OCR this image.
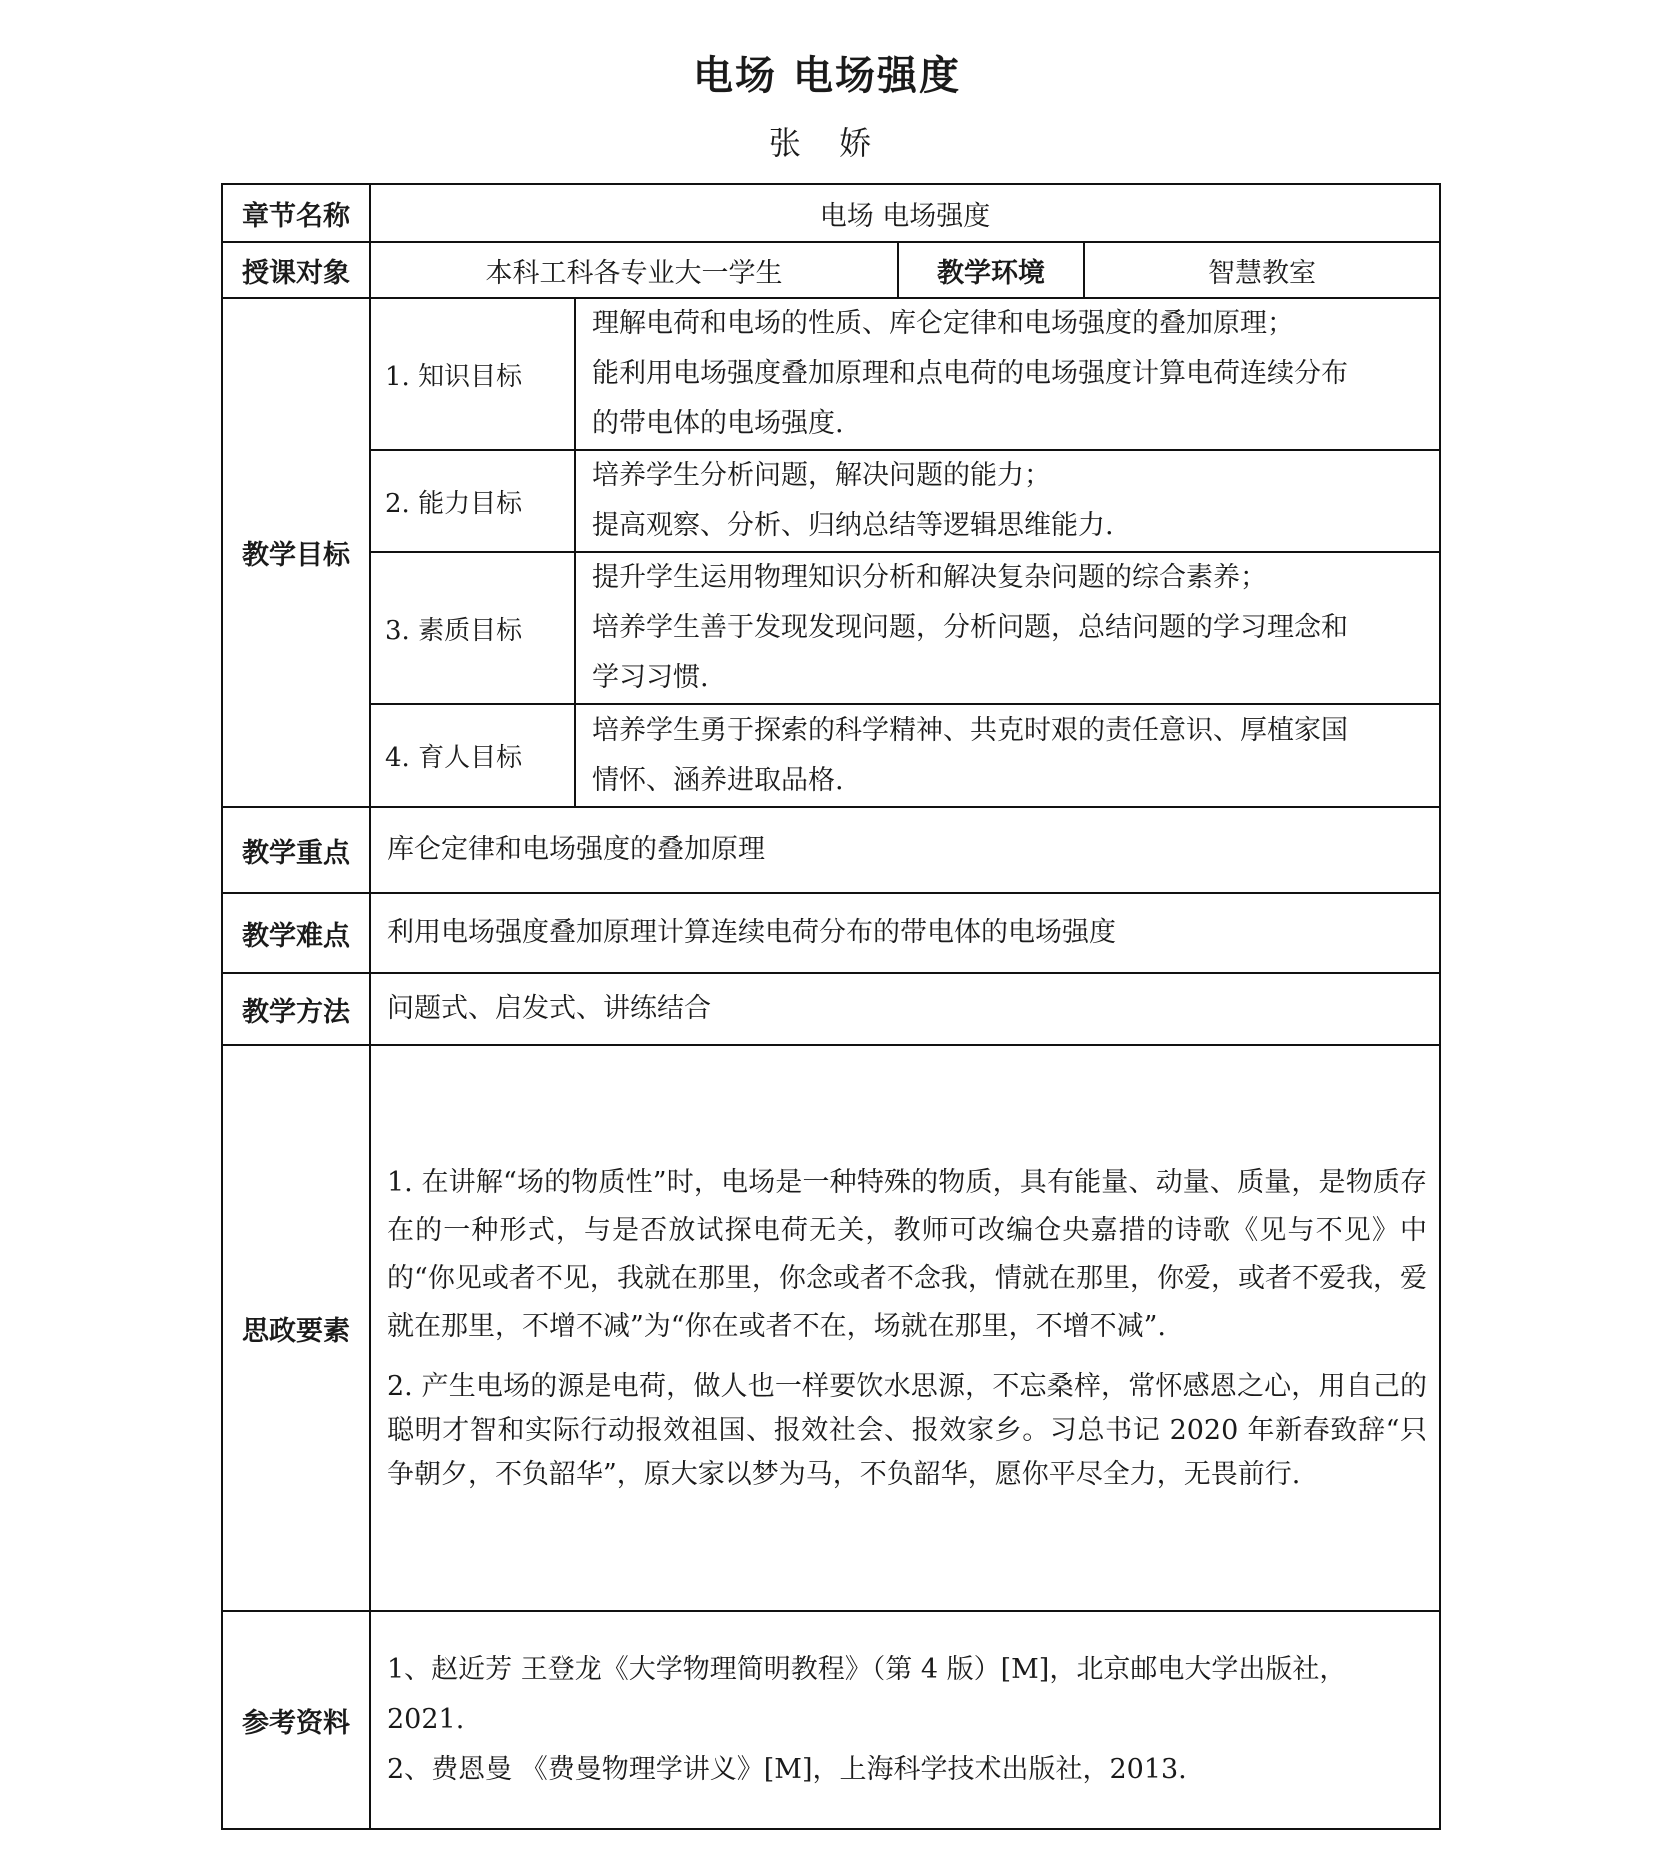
电场 电场强度
张 娇
章节名称	电场 电场强度			
授课对象	本科工科各专业大一学生		教学环境	智慧教室
教学目标	1. 知识目标	理解电荷和电场的性质、库仑定律和电场强度的叠加原理；

能利用电场强度叠加原理和点电荷的电场强度计算电荷连续分布

的带电体的电场强度.		

	2. 能力目标	培养学生分析问题，解决问题的能力；

提高观察、分析、归纳总结等逻辑思维能力.		

	3. 素质目标	提升学生运用物理知识分析和解决复杂问题的综合素养；

培养学生善于发现发现问题，分析问题，总结问题的学习理念和

学习习惯.		

	4. 育人目标	培养学生勇于探索的科学精神、共克时艰的责任意识、厚植家国

情怀、涵养进取品格.		

教学重点	库仑定律和电场强度的叠加原理			
教学难点	利用电场强度叠加原理计算连续电荷分布的带电体的电场强度			
教学方法	问题式、启发式、讲练结合			
思政要素	1. 在讲解“场的物质性”时，电场是一种特殊的物质，具有能量、动量、质量，是物质存在的一种形式，与是否放试探电荷无关，教师可改编仓央嘉措的诗歌《见与不见》中的“你见或者不见，我就在那里，你念或者不念我，情就在那里，你爱，或者不爱我，爱就在那里，不增不减”为“你在或者不在，场就在那里，不增不减”.

2. 产生电场的源是电荷，做人也一样要饮水思源，不忘桑梓，常怀感恩之心，用自己的聪明才智和实际行动报效祖国、报效社会、报效家乡。习总书记 2020 年新春致辞“只争朝夕，不负韶华”，原大家以梦为马，不负韶华，愿你平尽全力，无畏前行.			

参考资料	1、赵近芳 王登龙《大学物理简明教程》（第 4 版）[M]，北京邮电大学出版社，

2021.

2、费恩曼 《费曼物理学讲义》[M]，上海科学技术出版社，2013.			
